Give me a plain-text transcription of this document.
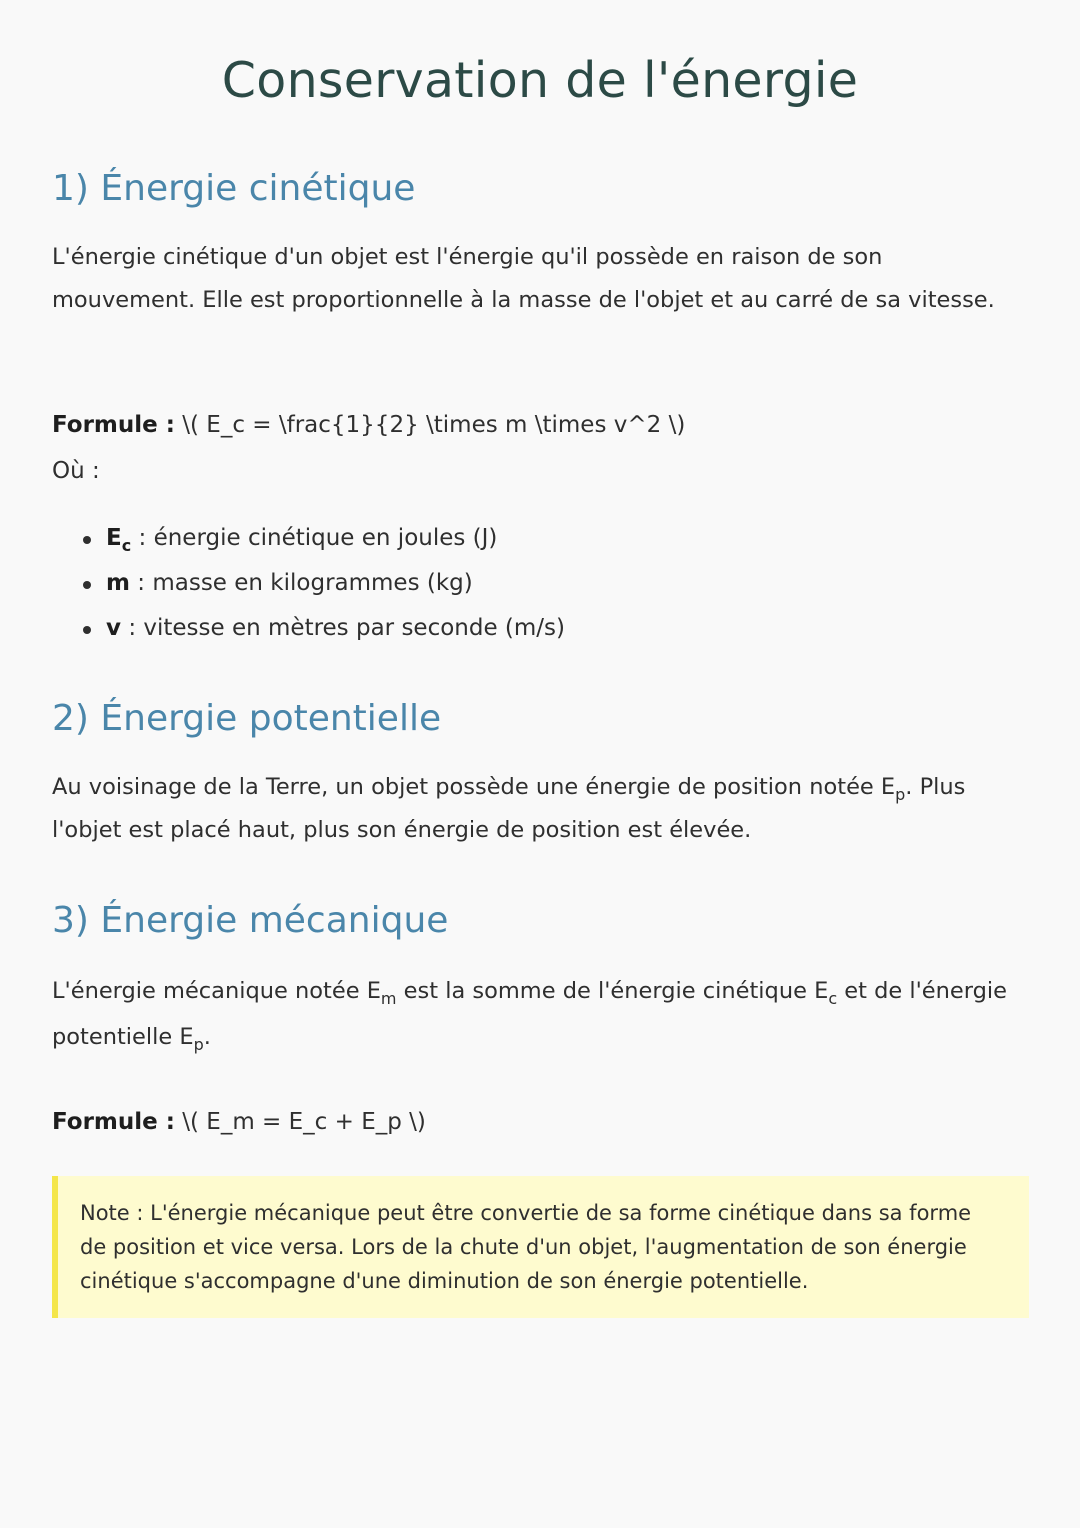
Conservation de l'énergie
1) Énergie cinétique

L'énergie cinétique d'un objet est l'énergie qu'il possède en raison de son mouvement. Elle est proportionnelle à la masse de l'objet et au carré de sa vitesse.

Formule : \( E_c = \frac{1}{2} \times m \times v^2 \)

Où :

$E_c$ : énergie cinétique en joules (J)
m : masse en kilogrammes (kg)
v : vitesse en mètres par seconde (m/s)
2) Énergie potentielle

Au voisinage de la Terre, un objet possède une énergie de position notée $E_p$. Plus l'objet est placé haut, plus son énergie de position est élevée.

3) Énergie mécanique

L'énergie mécanique notée $E_m$ est la somme de l'énergie cinétique $E_c$ et de l'énergie potentielle $E_p$.

Formule : \( E_m = E_c + E_p \)

Note : L'énergie mécanique peut être convertie de sa forme cinétique dans sa forme de position et vice versa. Lors de la chute d'un objet, l'augmentation de son énergie cinétique s'accompagne d'une diminution de son énergie potentielle.
